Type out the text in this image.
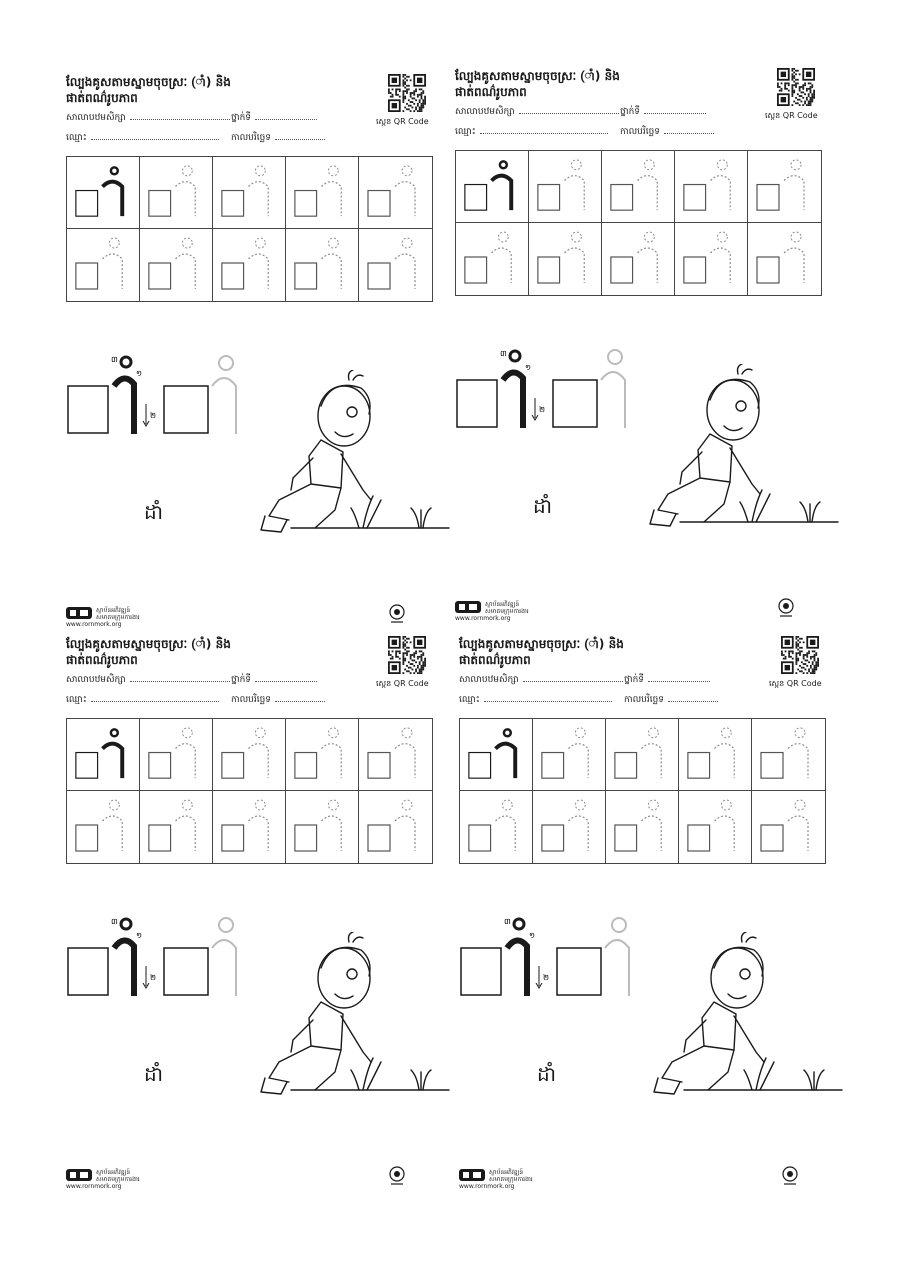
ល្បែងគូសតាមស្នាមចុចស្រៈ (ាំ) និង
ផាត់ពណ៌រូបភាព
សាលាបឋមសិក្សា	ថ្នាក់ទី
ឈ្មោះ	កាលបរិច្ឆេទ
ស្កេន QR Code
៣
១
២
ដាំ
ស្ថាប័នអភិវឌ្ឍន៍
សមាគមក្រុមការងារ
www.rornmork.org
ល្បែងគូសតាមស្នាមចុចស្រៈ (ាំ) និង
ផាត់ពណ៌រូបភាព
សាលាបឋមសិក្សា	ថ្នាក់ទី
ឈ្មោះ	កាលបរិច្ឆេទ
ស្កេន QR Code
៣
១
២
ដាំ
ស្ថាប័នអភិវឌ្ឍន៍
សមាគមក្រុមការងារ
www.rornmork.org
ល្បែងគូសតាមស្នាមចុចស្រៈ (ាំ) និង
ផាត់ពណ៌រូបភាព
សាលាបឋមសិក្សា	ថ្នាក់ទី
ឈ្មោះ	កាលបរិច្ឆេទ
ស្កេន QR Code
៣
១
២
ដាំ
ស្ថាប័នអភិវឌ្ឍន៍
សមាគមក្រុមការងារ
www.rornmork.org
ល្បែងគូសតាមស្នាមចុចស្រៈ (ាំ) និង
ផាត់ពណ៌រូបភាព
សាលាបឋមសិក្សា	ថ្នាក់ទី
ឈ្មោះ	កាលបរិច្ឆេទ
ស្កេន QR Code
៣
១
២
ដាំ
ស្ថាប័នអភិវឌ្ឍន៍
សមាគមក្រុមការងារ
www.rornmork.org
